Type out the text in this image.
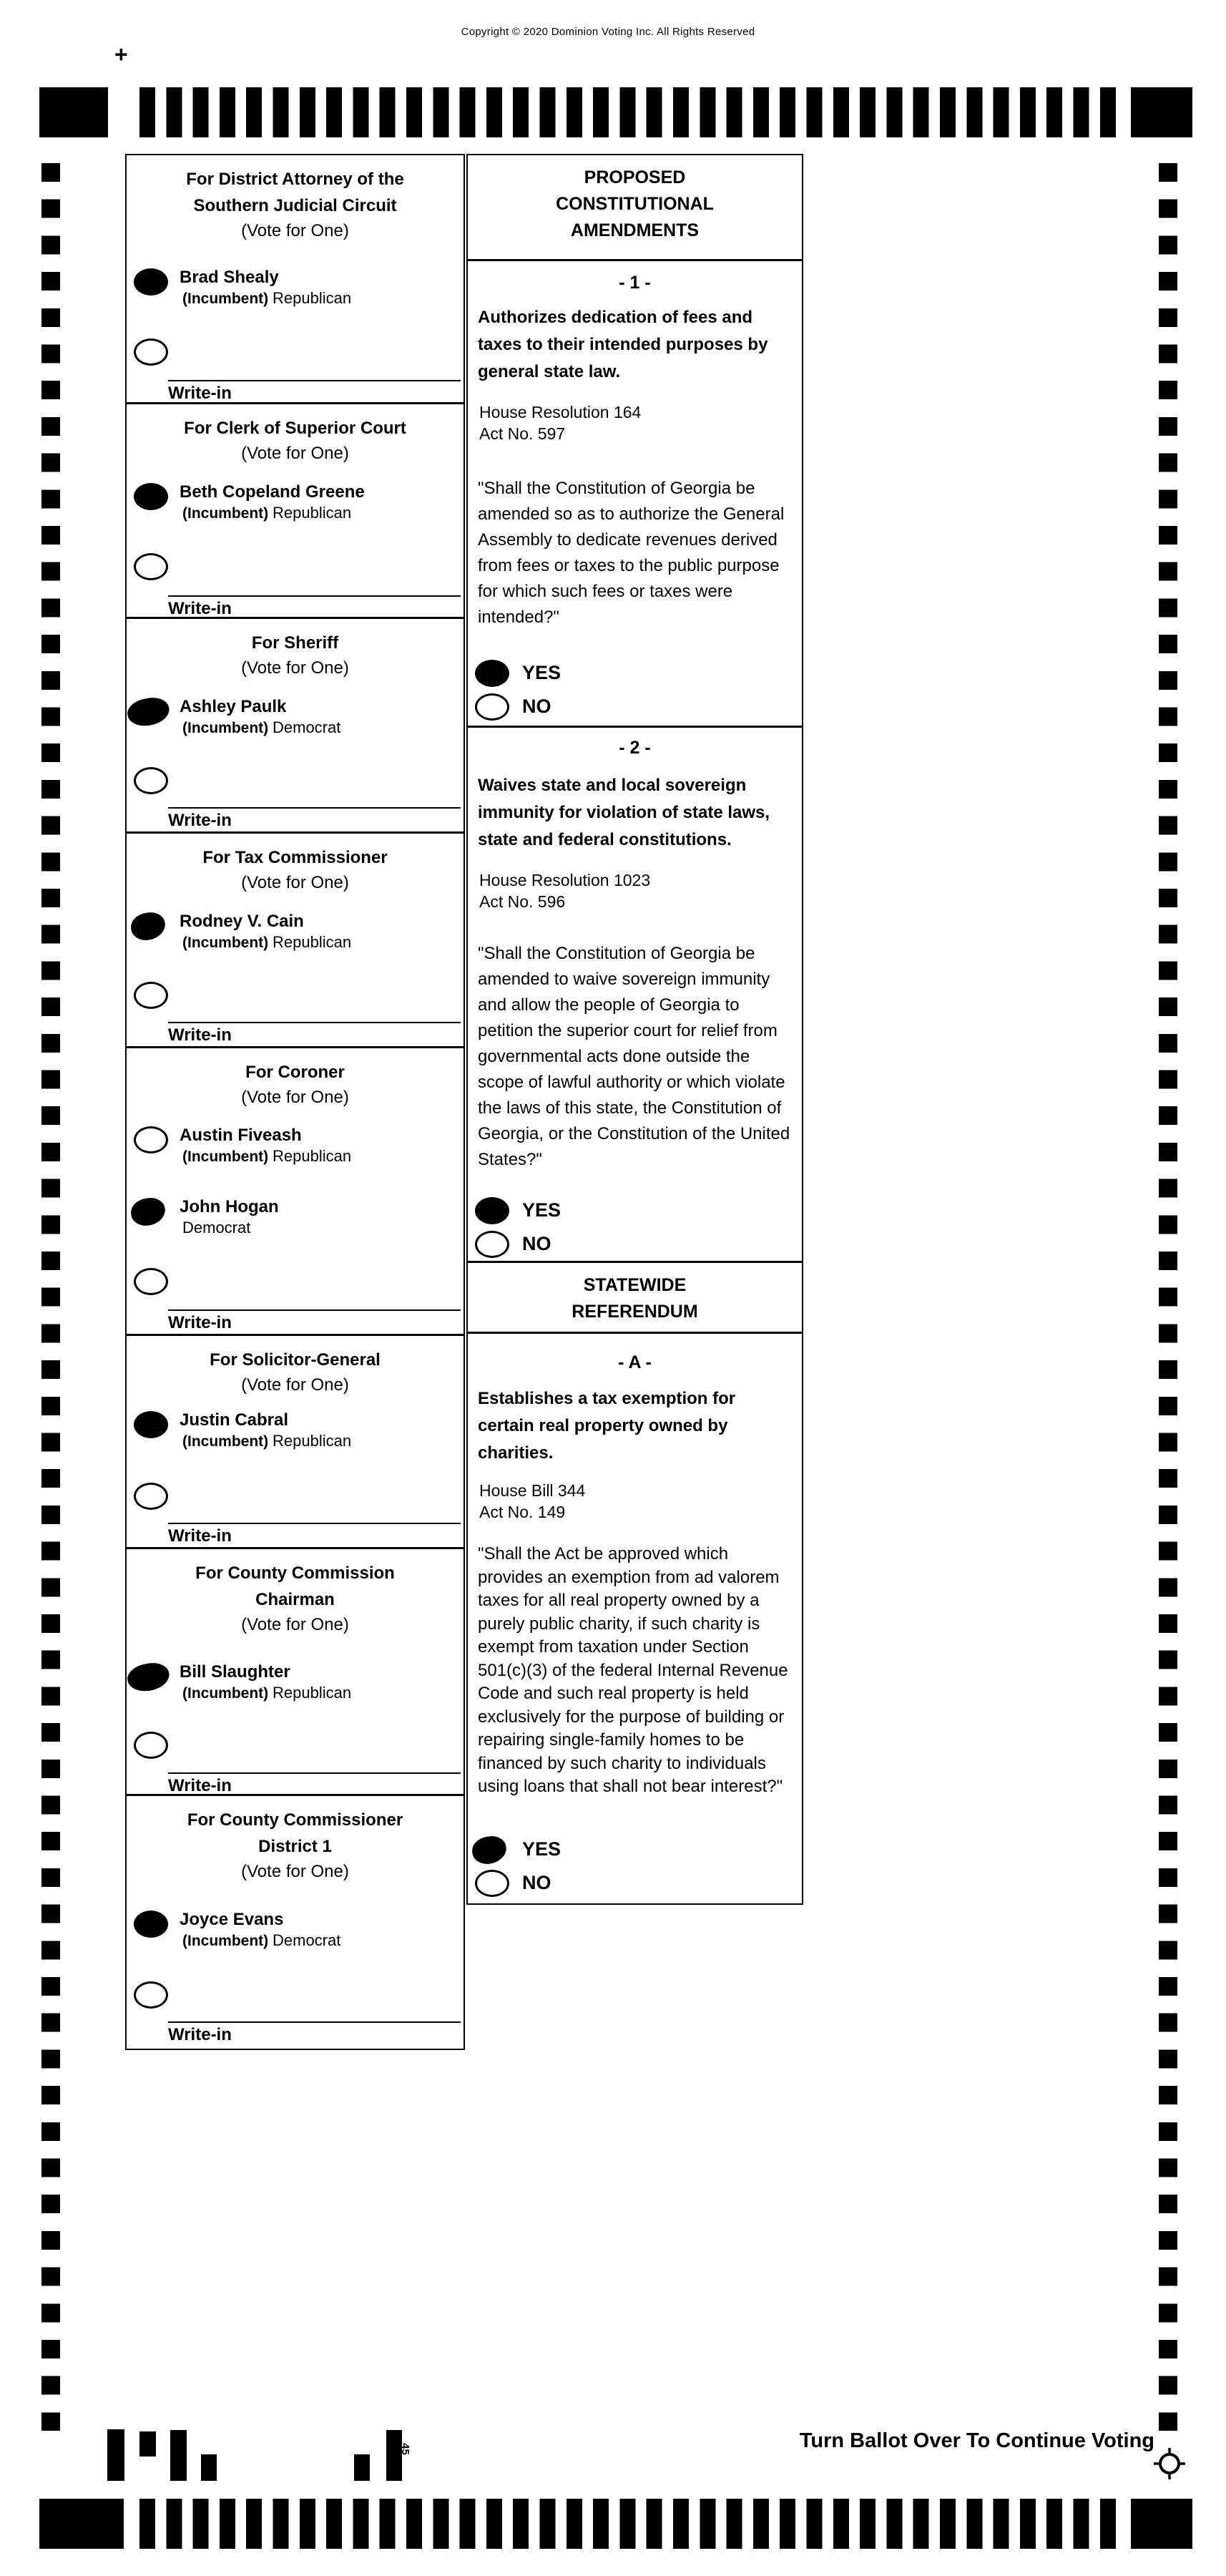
Copyright © 2020 Dominion Voting Inc. All Rights Reserved
+
For District Attorney of the
Southern Judicial Circuit
(Vote for One)
Brad Shealy
(Incumbent) Republican
Write-in
For Clerk of Superior Court
(Vote for One)
Beth Copeland Greene
(Incumbent) Republican
Write-in
For Sheriff
(Vote for One)
Ashley Paulk
(Incumbent) Democrat
Write-in
For Tax Commissioner
(Vote for One)
Rodney V. Cain
(Incumbent) Republican
Write-in
For Coroner
(Vote for One)
Austin Fiveash
(Incumbent) Republican
John Hogan
Democrat
Write-in
For Solicitor-General
(Vote for One)
Justin Cabral
(Incumbent) Republican
Write-in
For County Commission
Chairman
(Vote for One)
Bill Slaughter
(Incumbent) Republican
Write-in
For County Commissioner
District 1
(Vote for One)
Joyce Evans
(Incumbent) Democrat
Write-in
PROPOSED
CONSTITUTIONAL
AMENDMENTS
- 1 -
Authorizes dedication of fees and
taxes to their intended purposes by
general state law.
House Resolution 164
Act No. 597
"Shall the Constitution of Georgia be
amended so as to authorize the General
Assembly to dedicate revenues derived
from fees or taxes to the public purpose
for which such fees or taxes were
intended?"
YES
NO
- 2 -
Waives state and local sovereign
immunity for violation of state laws,
state and federal constitutions.
House Resolution 1023
Act No. 596
"Shall the Constitution of Georgia be
amended to waive sovereign immunity
and allow the people of Georgia to
petition the superior court for relief from
governmental acts done outside the
scope of lawful authority or which violate
the laws of this state, the Constitution of
Georgia, or the Constitution of the United
States?"
YES
NO
STATEWIDE
REFERENDUM
- A -
Establishes a tax exemption for
certain real property owned by
charities.
House Bill 344
Act No. 149
"Shall the Act be approved which
provides an exemption from ad valorem
taxes for all real property owned by a
purely public charity, if such charity is
exempt from taxation under Section
501(c)(3) of the federal Internal Revenue
Code and such real property is held
exclusively for the purpose of building or
repairing single-family homes to be
financed by such charity to individuals
using loans that shall not bear interest?"
YES
NO
Turn Ballot Over To Continue Voting
45
